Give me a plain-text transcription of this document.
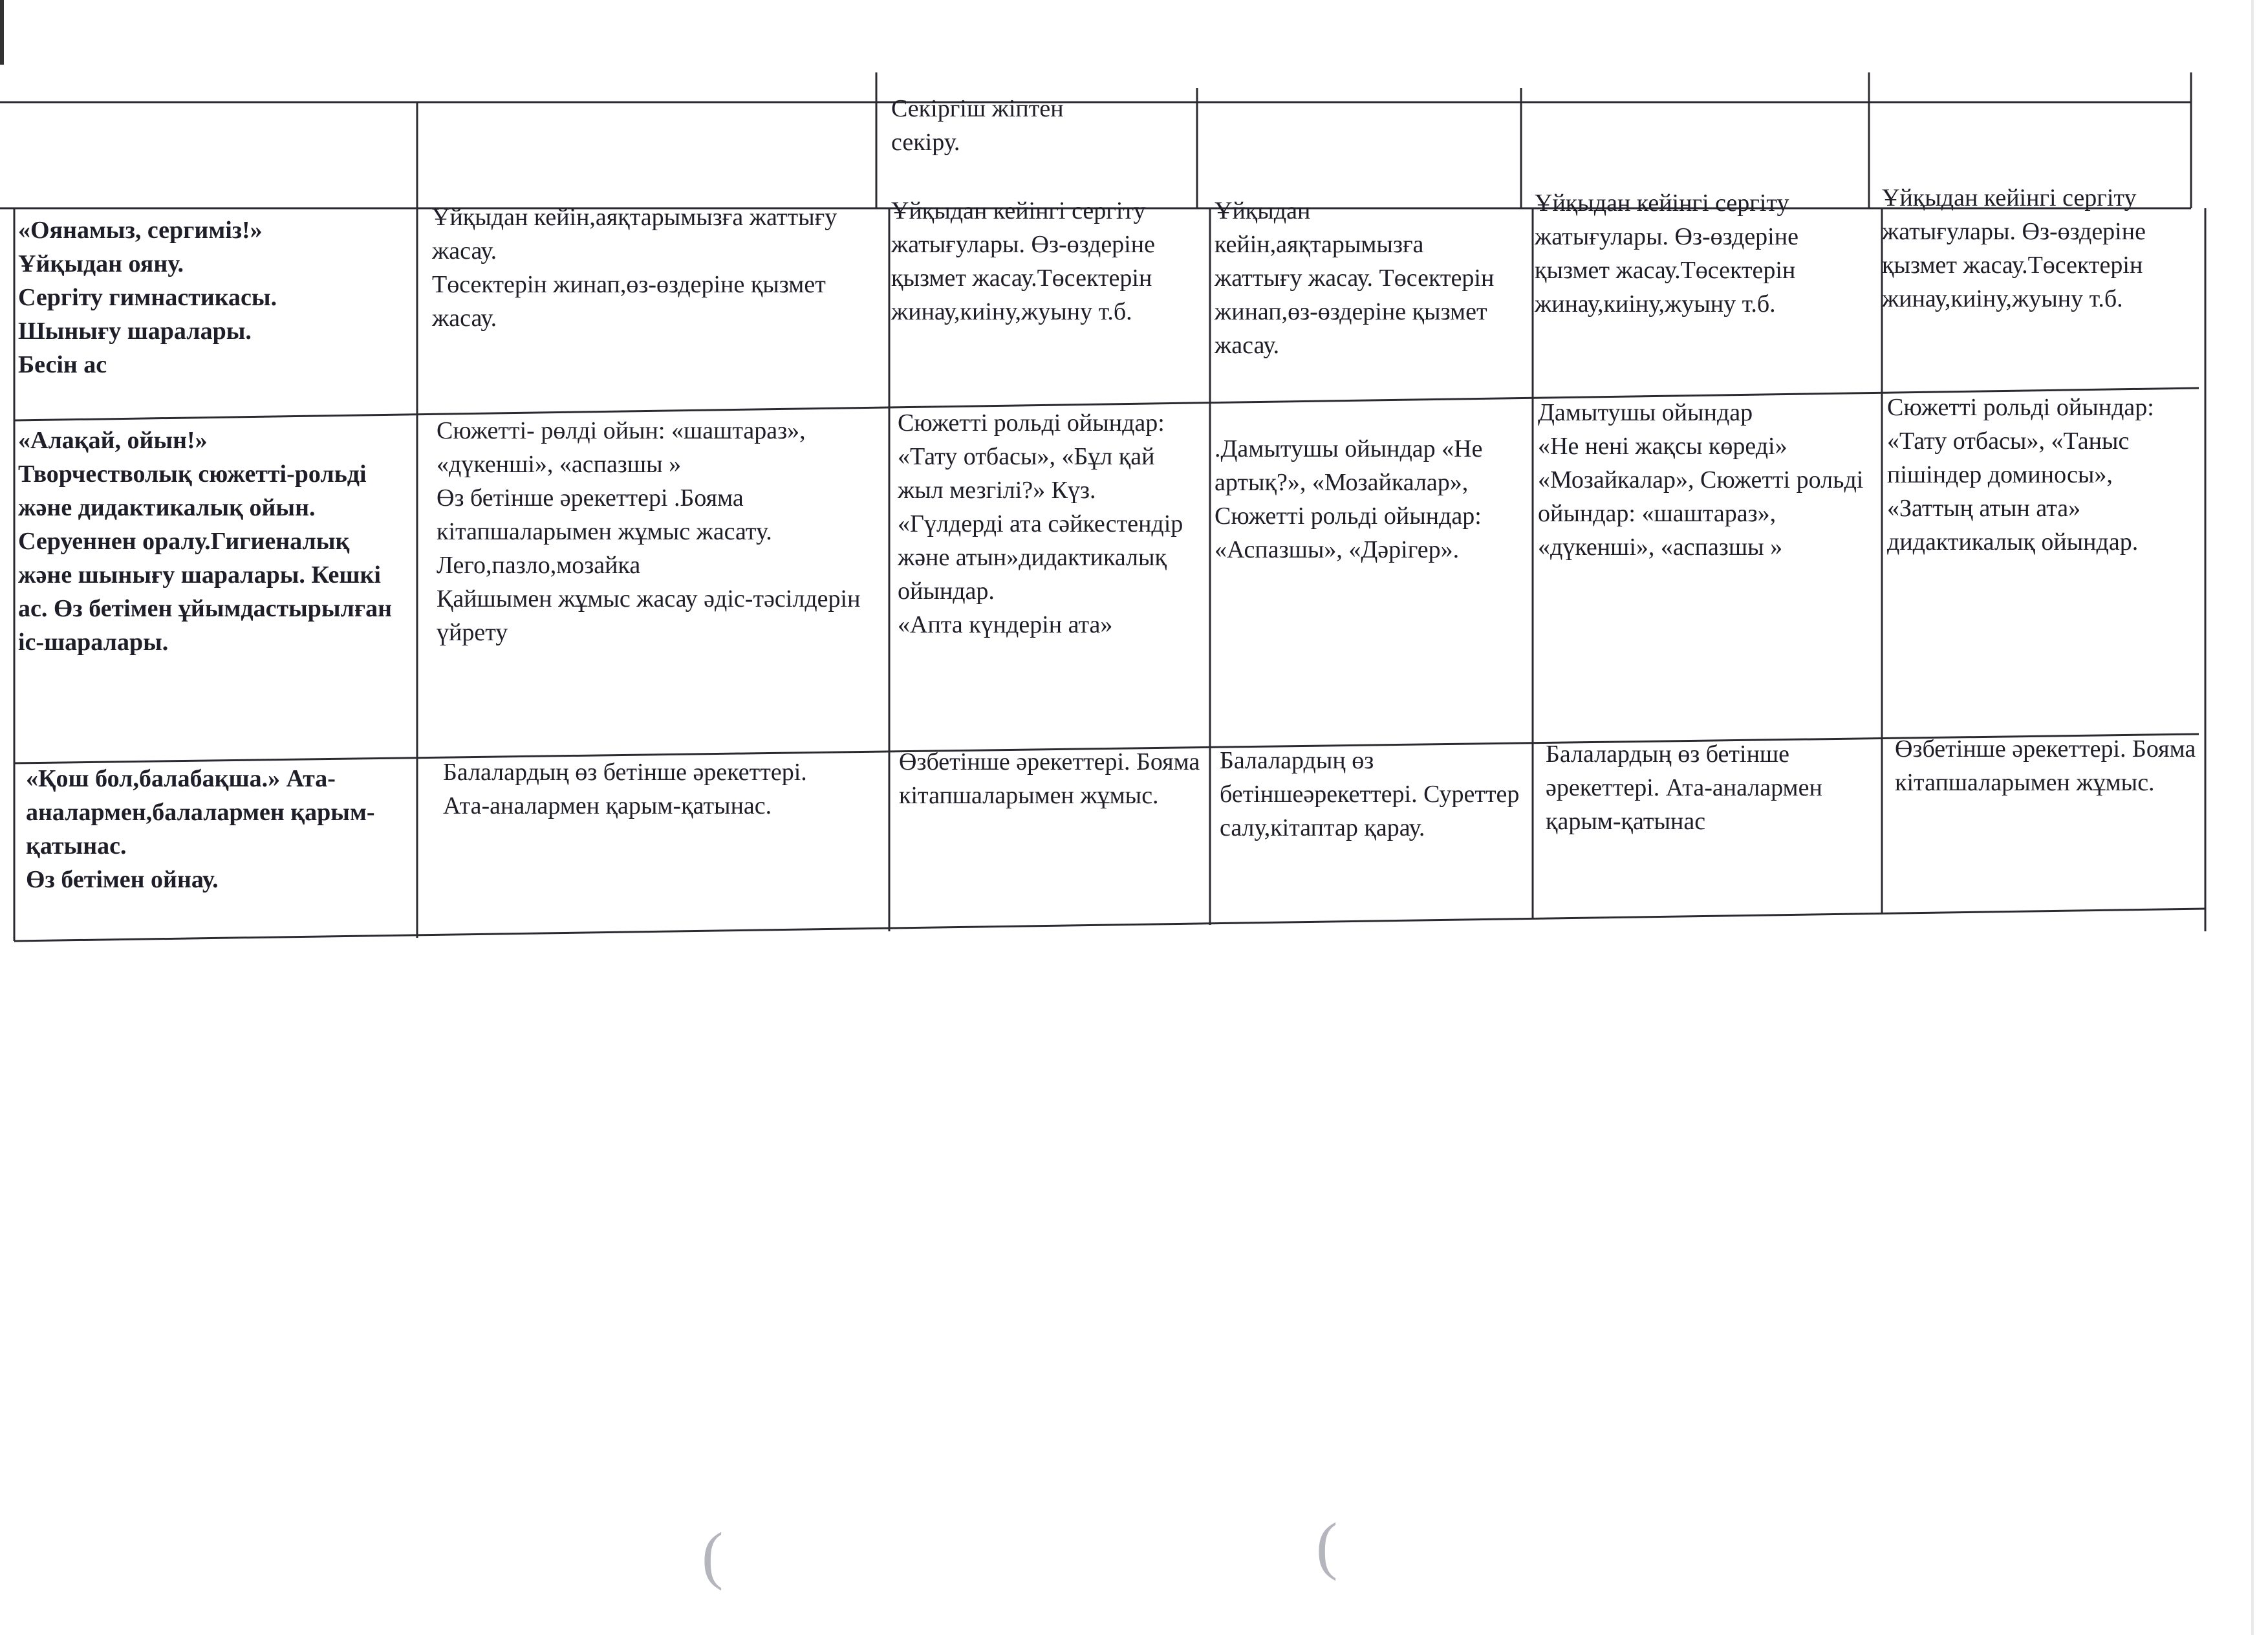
(	(
Секіргіш жіптен
секіру.
«Оянамыз, сергиміз!»
Ұйқыдан ояну.
Сергіту гимнастикасы.
Шынығу шаралары.
Бесін ас
Ұйқыдан кейін,аяқтарымызға жаттығу жасау.
Төсектерін жинап,өз-өздеріне қызмет жасау.
Ұйқыдан кейінгі сергіту жатығулары. Өз-өздеріне қызмет жасау.Төсектерін жинау,киіну,жуыну т.б.
Ұйқыдан кейін,аяқтарымызға жаттығу жасау. Төсектерін жинап,өз-өздеріне қызмет жасау.
Ұйқыдан кейінгі сергіту жатығулары. Өз-өздеріне қызмет жасау.Төсектерін жинау,киіну,жуыну т.б.
Ұйқыдан кейінгі сергіту жатығулары. Өз-өздеріне қызмет жасау.Төсектерін жинау,киіну,жуыну т.б.
«Алақай, ойын!»
Творчестволық сюжетті-рольді және дидактикалық ойын.
Серуеннен оралу.Гигиеналық және шынығу шаралары. Кешкі ас. Өз бетімен ұйымдастырылған іс-шаралары.
Сюжетті- рөлді ойын: «шаштараз», «дүкенші», «аспазшы »
Өз бетінше әрекеттері .Бояма кітапшаларымен жұмыс жасату.
Лего,пазло,мозайка
Қайшымен жұмыс жасау әдіс-тәсілдерін үйрету
Сюжетті рольді ойындар: «Тату отбасы», «Бұл қай жыл мезгілі?» Күз. «Гүлдерді ата сәйкестендір және атын»дидактикалық ойындар.
«Апта күндерін ата»
.Дамытушы ойындар «Не артық?», «Мозайкалар», Сюжетті рольді ойындар: «Аспазшы», «Дәрігер».
Дамытушы ойындар
«Не нені жақсы көреді» «Мозайкалар», Сюжетті рольді ойындар: «шаштараз», «дүкенші», «аспазшы »
Сюжетті рольді ойындар: «Тату отбасы», «Таныс пішіндер доминосы», «Заттың атын ата» дидактикалық ойындар.
«Қош бол,балабақша.» Ата-аналармен,балалармен қарым-қатынас.
Өз бетімен ойнау.
Балалардың өз бетінше әрекеттері.
Ата-аналармен қарым-қатынас.
Өзбетінше әрекеттері. Бояма кітапшаларымен жұмыс.
Балалардың өз бетіншеәрекеттері. Суреттер салу,кітаптар қарау.
Балалардың өз бетінше әрекеттері. Ата-аналармен қарым-қатынас
Өзбетінше әрекеттері. Бояма кітапшаларымен жұмыс.
